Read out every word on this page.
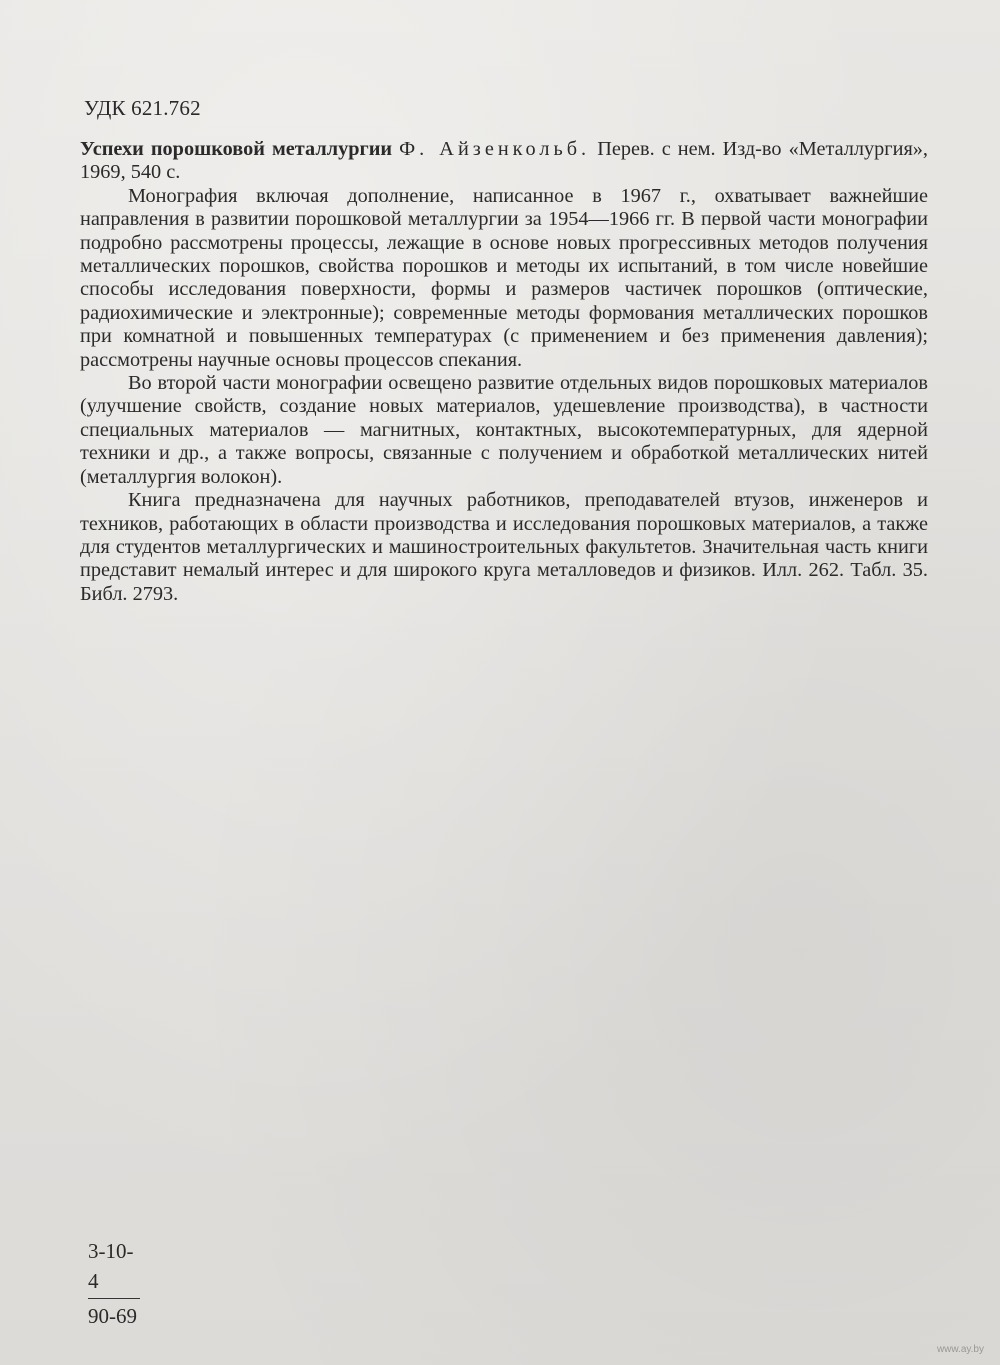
УДК 621.762

Успехи порошковой металлургии Ф. Айзенкольб. Перев. с нем. Изд-во «Металлургия», 1969, 540 с.

Монография включая дополнение, написанное в 1967 г., охватывает важнейшие направления в развитии порошковой металлургии за 1954—1966 гг. В первой части монографии подробно рассмотрены процессы, лежащие в основе новых прогрессивных методов получения металлических порошков, свойства порошков и методы их испытаний, в том числе новейшие способы исследования поверхности, формы и размеров частичек порошков (оптические, радиохимические и электронные); современные методы формования металлических порошков при комнатной и повышенных температурах (с применением и без применения давления); рассмотрены научные основы процессов спекания.

Во второй части монографии освещено развитие отдельных видов порошковых материалов (улучшение свойств, создание новых материалов, удешевление производства), в частности специальных материалов — магнитных, контактных, высокотемпературных, для ядерной техники и др., а также вопросы, связанные с получением и обработкой металлических нитей (металлургия волокон).

Книга предназначена для научных работников, преподавателей втузов, инженеров и техников, работающих в области производства и исследования порошковых материалов, а также для студентов металлургических и машиностроительных факультетов. Значительная часть книги представит немалый интерес и для широкого круга металловедов и физиков. Илл. 262. Табл. 35. Библ. 2793.

3-10-4
90-69
www.ay.by
